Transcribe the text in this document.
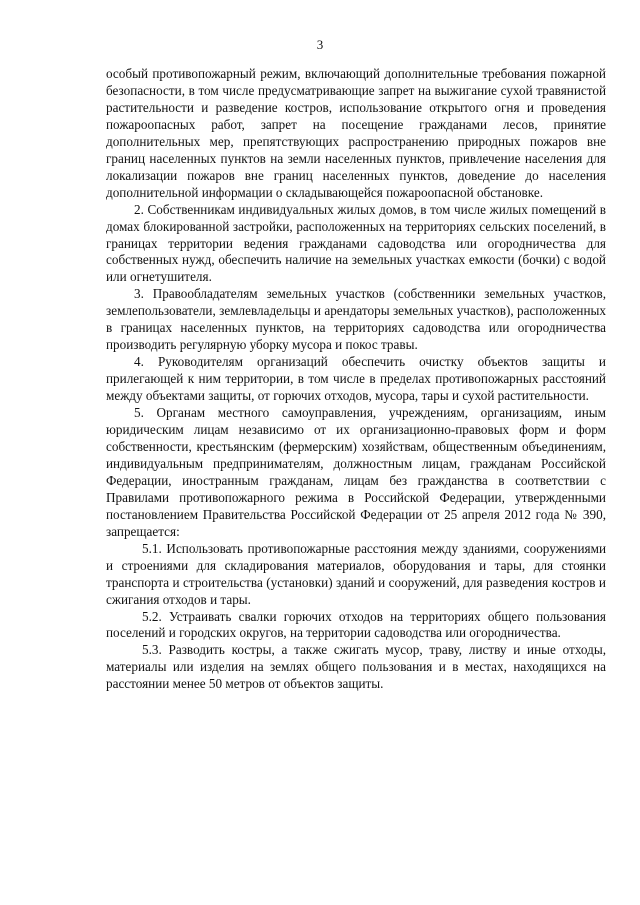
3

особый противопожарный режим, включающий дополнительные требования пожарной безопасности, в том числе предусматривающие запрет на выжигание сухой травянистой растительности и разведение костров, использование открытого огня и проведения пожароопасных работ, запрет на посещение гражданами лесов, принятие дополнительных мер, препятствующих распространению природных пожаров вне границ населенных пунктов на земли населенных пунктов, привлечение населения для локализации пожаров вне границ населенных пунктов, доведение до населения дополнительной информации о складывающейся пожароопасной обстановке.

2. Собственникам индивидуальных жилых домов, в том числе жилых помещений в домах блокированной застройки, расположенных на территориях сельских поселений, в границах территории ведения гражданами садоводства или огородничества для собственных нужд, обеспечить наличие на земельных участках емкости (бочки) с водой или огнетушителя.

3. Правообладателям земельных участков (собственники земельных участков, землепользователи, землевладельцы и арендаторы земельных участков), расположенных в границах населенных пунктов, на территориях садоводства или огородничества производить регулярную уборку мусора и покос травы.

4. Руководителям организаций обеспечить очистку объектов защиты и прилегающей к ним территории, в том числе в пределах противопожарных расстояний между объектами защиты, от горючих отходов, мусора, тары и сухой растительности.

5. Органам местного самоуправления, учреждениям, организациям, иным юридическим лицам независимо от их организационно-правовых форм и форм собственности, крестьянским (фермерским) хозяйствам, общественным объединениям, индивидуальным предпринимателям, должностным лицам, гражданам Российской Федерации, иностранным гражданам, лицам без гражданства в соответствии с Правилами противопожарного режима в Российской Федерации, утвержденными постановлением Правительства Российской Федерации от 25 апреля 2012 года № 390, запрещается:

5.1. Использовать противопожарные расстояния между зданиями, сооружениями и строениями для складирования материалов, оборудования и тары, для стоянки транспорта и строительства (установки) зданий и сооружений, для разведения костров и сжигания отходов и тары.

5.2. Устраивать свалки горючих отходов на территориях общего пользования поселений и городских округов, на территории садоводства или огородничества.

5.3. Разводить костры, а также сжигать мусор, траву, листву и иные отходы, материалы или изделия на землях общего пользования и в местах, находящихся на расстоянии менее 50 метров от объектов защиты.
